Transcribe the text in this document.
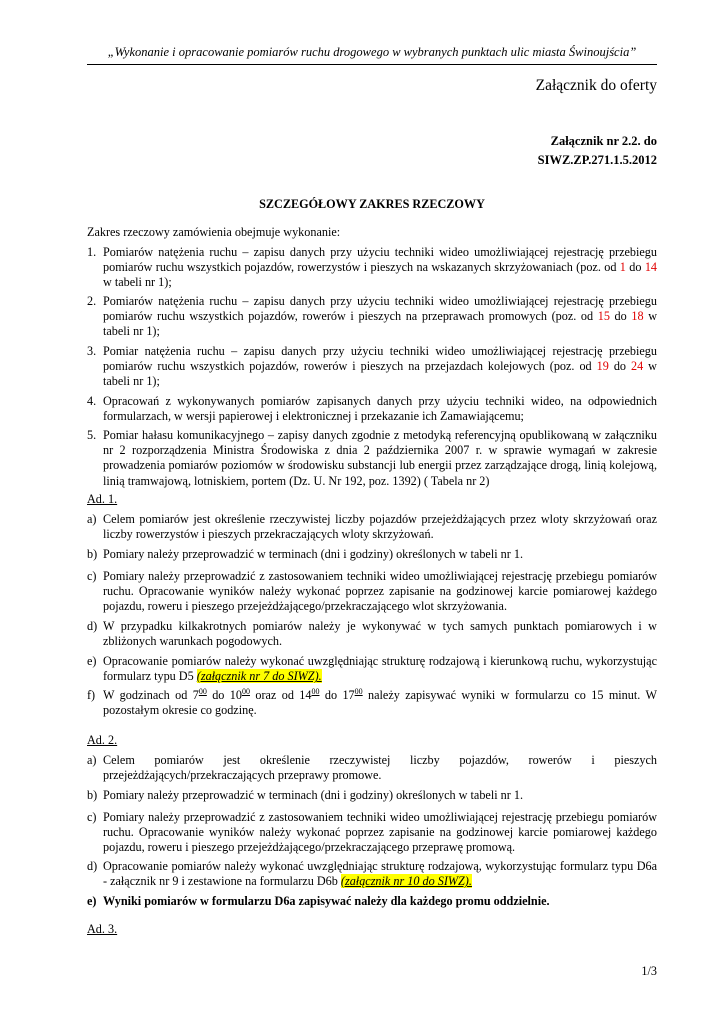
„Wykonanie i opracowanie pomiarów ruchu drogowego w wybranych punktach ulic miasta Świnoujścia”
Załącznik do oferty
Załącznik nr 2.2. do
SIWZ.ZP.271.1.5.2012
SZCZEGÓŁOWY ZAKRES RZECZOWY
Zakres rzeczowy zamówienia obejmuje wykonanie:
1. Pomiarów natężenia ruchu – zapisu danych przy użyciu techniki wideo umożliwiającej rejestrację przebiegu pomiarów ruchu wszystkich pojazdów, rowerzystów i pieszych na wskazanych skrzyżowaniach (poz. od 1 do 14 w tabeli nr 1);
2. Pomiarów natężenia ruchu – zapisu danych przy użyciu techniki wideo umożliwiającej rejestrację przebiegu pomiarów ruchu wszystkich pojazdów, rowerów i pieszych na przeprawach promowych (poz. od 15 do 18 w tabeli nr 1);
3. Pomiar natężenia ruchu – zapisu danych przy użyciu techniki wideo umożliwiającej rejestrację przebiegu pomiarów ruchu wszystkich pojazdów, rowerów i pieszych na przejazdach kolejowych (poz. od 19 do 24 w tabeli nr 1);
4. Opracowań z wykonywanych pomiarów zapisanych danych przy użyciu techniki wideo, na odpowiednich formularzach, w wersji papierowej i elektronicznej i przekazanie ich Zamawiającemu;
5. Pomiar hałasu komunikacyjnego – zapisy danych zgodnie z metodyką referencyjną opublikowaną w załączniku nr 2 rozporządzenia Ministra Środowiska z dnia 2 października 2007 r. w sprawie wymagań w zakresie prowadzenia pomiarów poziomów w środowisku substancji lub energii przez zarządzające drogą, linią kolejową, linią tramwajową, lotniskiem, portem (Dz. U. Nr 192, poz. 1392) ( Tabela nr 2)
Ad. 1.
a) Celem pomiarów jest określenie rzeczywistej liczby pojazdów przejeżdżających przez wloty skrzyżowań oraz liczby rowerzystów i pieszych przekraczających wloty skrzyżowań.
b) Pomiary należy przeprowadzić w terminach (dni i godziny) określonych w tabeli nr 1.
c) Pomiary należy przeprowadzić z zastosowaniem techniki wideo umożliwiającej rejestrację przebiegu pomiarów ruchu. Opracowanie wyników należy wykonać poprzez zapisanie na godzinowej karcie pomiarowej każdego pojazdu, roweru i pieszego przejeżdżającego/przekraczającego wlot skrzyżowania.
d) W przypadku kilkakrotnych pomiarów należy je wykonywać w tych samych punktach pomiarowych i w zbliżonych warunkach pogodowych.
e) Opracowanie pomiarów należy wykonać uwzględniając strukturę rodzajową i kierunkową ruchu, wykorzystując formularz typu D5 (załącznik nr 7 do SIWZ).
f) W godzinach od $7^{00}$ do $10^{00}$ oraz od $14^{00}$ do $17^{00}$ należy zapisywać wyniki w formularzu co 15 minut. W pozostałym okresie co godzinę.
Ad. 2.
a) Celem pomiarów jest określenie rzeczywistej liczby pojazdów, rowerów i pieszych przejeżdżających/przekraczających przeprawy promowe.
b) Pomiary należy przeprowadzić w terminach (dni i godziny) określonych w tabeli nr 1.
c) Pomiary należy przeprowadzić z zastosowaniem techniki wideo umożliwiającej rejestrację przebiegu pomiarów ruchu. Opracowanie wyników należy wykonać poprzez zapisanie na godzinowej karcie pomiarowej każdego pojazdu, roweru i pieszego przejeżdżającego/przekraczającego przeprawę promową.
d) Opracowanie pomiarów należy wykonać uwzględniając strukturę rodzajową, wykorzystując formularz typu D6a - załącznik nr 9 i zestawione na formularzu D6b (załącznik nr 10 do SIWZ).
e) Wyniki pomiarów w formularzu D6a zapisywać należy dla każdego promu oddzielnie.
Ad. 3.
1/3
